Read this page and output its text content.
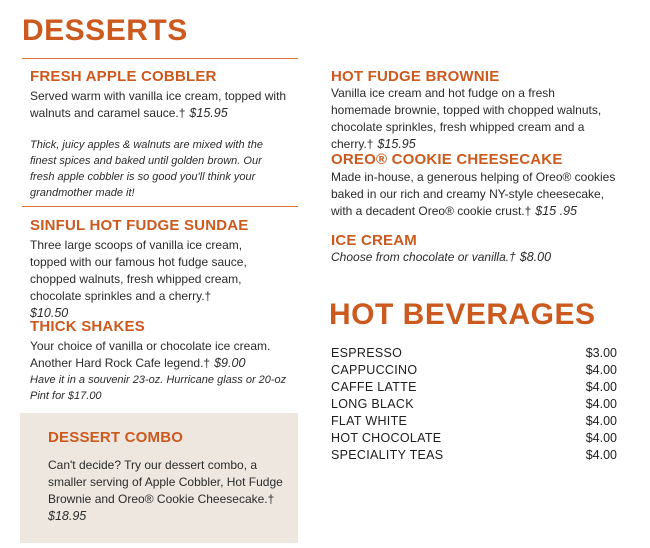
DESSERTS
FRESH APPLE COBBLER
Served warm with vanilla ice cream, topped with walnuts and caramel sauce.† $15.95
Thick, juicy apples & walnuts are mixed with the finest spices and baked until golden brown. Our fresh apple cobbler is so good you'll think your grandmother made it!
SINFUL HOT FUDGE SUNDAE
Three large scoops of vanilla ice cream, topped with our famous hot fudge sauce, chopped walnuts, fresh whipped cream, chocolate sprinkles and a cherry.†
$10.50
THICK SHAKES
Your choice of vanilla or chocolate ice cream. Another Hard Rock Cafe legend.† $9.00
Have it in a souvenir 23-oz. Hurricane glass or 20-oz Pint for $17.00
DESSERT COMBO
Can't decide? Try our dessert combo, a smaller serving of Apple Cobbler, Hot Fudge Brownie and Oreo® Cookie Cheesecake.†
$18.95
HOT FUDGE BROWNIE
Vanilla ice cream and hot fudge on a fresh homemade brownie, topped with chopped walnuts, chocolate sprinkles, fresh whipped cream and a cherry.† $15.95
OREO® COOKIE CHEESECAKE
Made in-house, a generous helping of Oreo® cookies baked in our rich and creamy NY-style cheesecake, with a decadent Oreo® cookie crust.† $15 .95
ICE CREAM
Choose from chocolate or vanilla.† $8.00
HOT BEVERAGES
ESPRESSO	$3.00
CAPPUCCINO	$4.00
CAFFE LATTE	$4.00
LONG BLACK	$4.00
FLAT WHITE	$4.00
HOT CHOCOLATE	$4.00
SPECIALITY TEAS	$4.00
